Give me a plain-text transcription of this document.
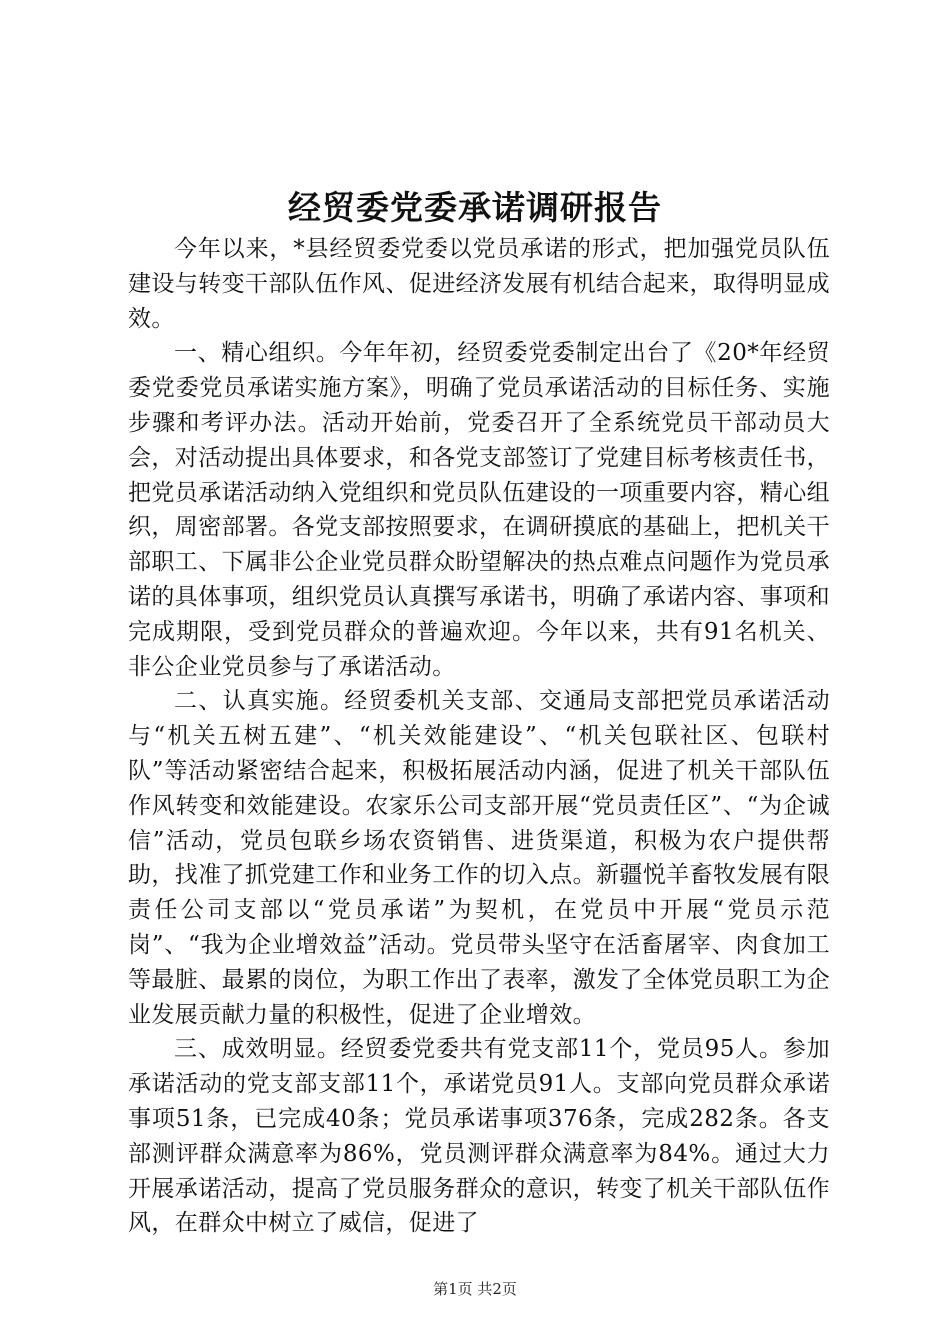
经贸委党委承诺调研报告

今年以来，*县经贸委党委以党员承诺的形式，把加强党员队伍建设与转变干部队伍作风、促进经济发展有机结合起来，取得明显成效。

一、精心组织。今年年初，经贸委党委制定出台了《20*年经贸委党委党员承诺实施方案》，明确了党员承诺活动的目标任务、实施步骤和考评办法。活动开始前，党委召开了全系统党员干部动员大会，对活动提出具体要求，和各党支部签订了党建目标考核责任书，把党员承诺活动纳入党组织和党员队伍建设的一项重要内容，精心组织，周密部署。各党支部按照要求，在调研摸底的基础上，把机关干部职工、下属非公企业党员群众盼望解决的热点难点问题作为党员承诺的具体事项，组织党员认真撰写承诺书，明确了承诺内容、事项和完成期限，受到党员群众的普遍欢迎。今年以来，共有91名机关、非公企业党员参与了承诺活动。

二、认真实施。经贸委机关支部、交通局支部把党员承诺活动与“机关五树五建”、“机关效能建设”、“机关包联社区、包联村队”等活动紧密结合起来，积极拓展活动内涵，促进了机关干部队伍作风转变和效能建设。农家乐公司支部开展“党员责任区”、“为企诚信”活动，党员包联乡场农资销售、进货渠道，积极为农户提供帮助，找准了抓党建工作和业务工作的切入点。新疆悦羊畜牧发展有限责任公司支部以“党员承诺”为契机，在党员中开展“党员示范岗”、“我为企业增效益”活动。党员带头坚守在活畜屠宰、肉食加工等最脏、最累的岗位，为职工作出了表率，激发了全体党员职工为企业发展贡献力量的积极性，促进了企业增效。

三、成效明显。经贸委党委共有党支部11个，党员95人。参加承诺活动的党支部支部11个，承诺党员91人。支部向党员群众承诺事项51条，已完成40条；党员承诺事项376条，完成282条。各支部测评群众满意率为86%，党员测评群众满意率为84%。通过大力开展承诺活动，提高了党员服务群众的意识，转变了机关干部队伍作风，在群众中树立了威信，促进了

第1页 共2页
